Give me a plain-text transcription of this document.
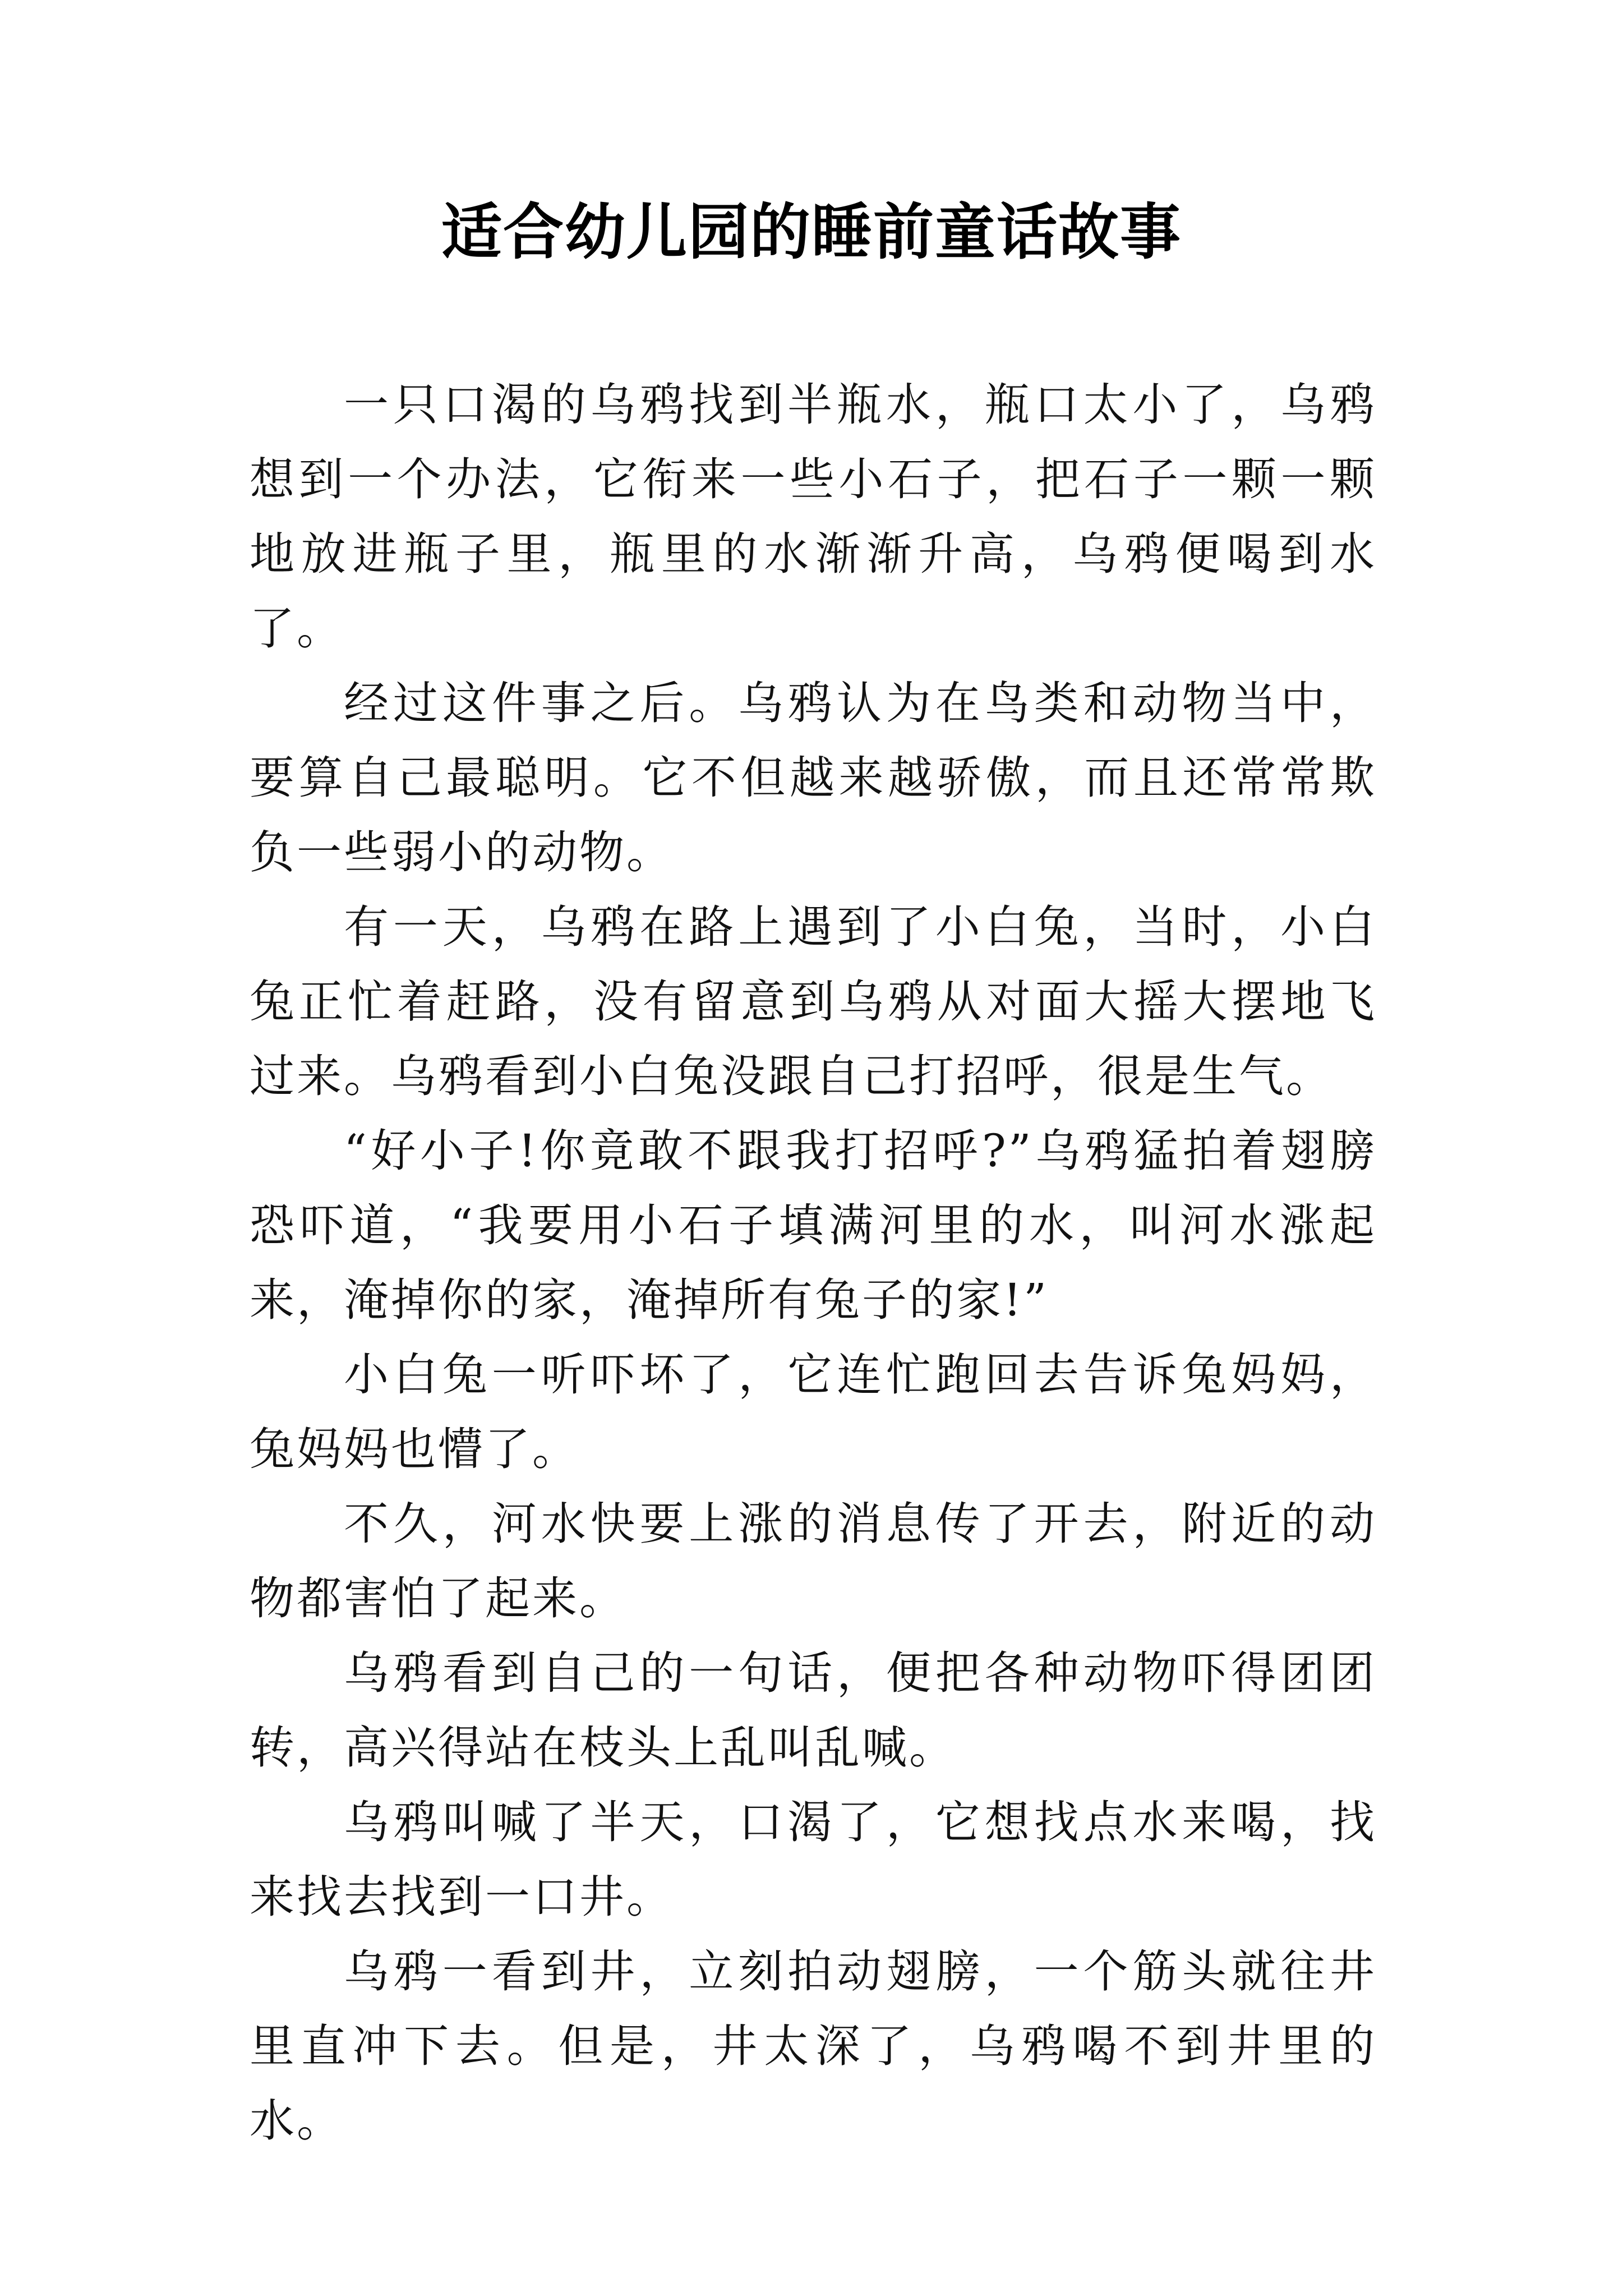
适合幼儿园的睡前童话故事

一只口渴的乌鸦找到半瓶水，瓶口太小了，乌鸦想到一个办法，它衔来一些小石子，把石子一颗一颗地放进瓶子里，瓶里的水渐渐升高，乌鸦便喝到水了。

经过这件事之后。乌鸦认为在鸟类和动物当中，要算自己最聪明。它不但越来越骄傲，而且还常常欺负一些弱小的动物。

有一天，乌鸦在路上遇到了小白兔，当时，小白兔正忙着赶路，没有留意到乌鸦从对面大摇大摆地飞过来。乌鸦看到小白兔没跟自己打招呼，很是生气。

“好小子!你竟敢不跟我打招呼?”乌鸦猛拍着翅膀恐吓道，“我要用小石子填满河里的水，叫河水涨起来，淹掉你的家，淹掉所有兔子的家!”

小白兔一听吓坏了，它连忙跑回去告诉兔妈妈，兔妈妈也懵了。

不久，河水快要上涨的消息传了开去，附近的动物都害怕了起来。

乌鸦看到自己的一句话，便把各种动物吓得团团转，高兴得站在枝头上乱叫乱喊。

乌鸦叫喊了半天，口渴了，它想找点水来喝，找来找去找到一口井。

乌鸦一看到井，立刻拍动翅膀，一个筋头就往井里直冲下去。但是，井太深了，乌鸦喝不到井里的水。
